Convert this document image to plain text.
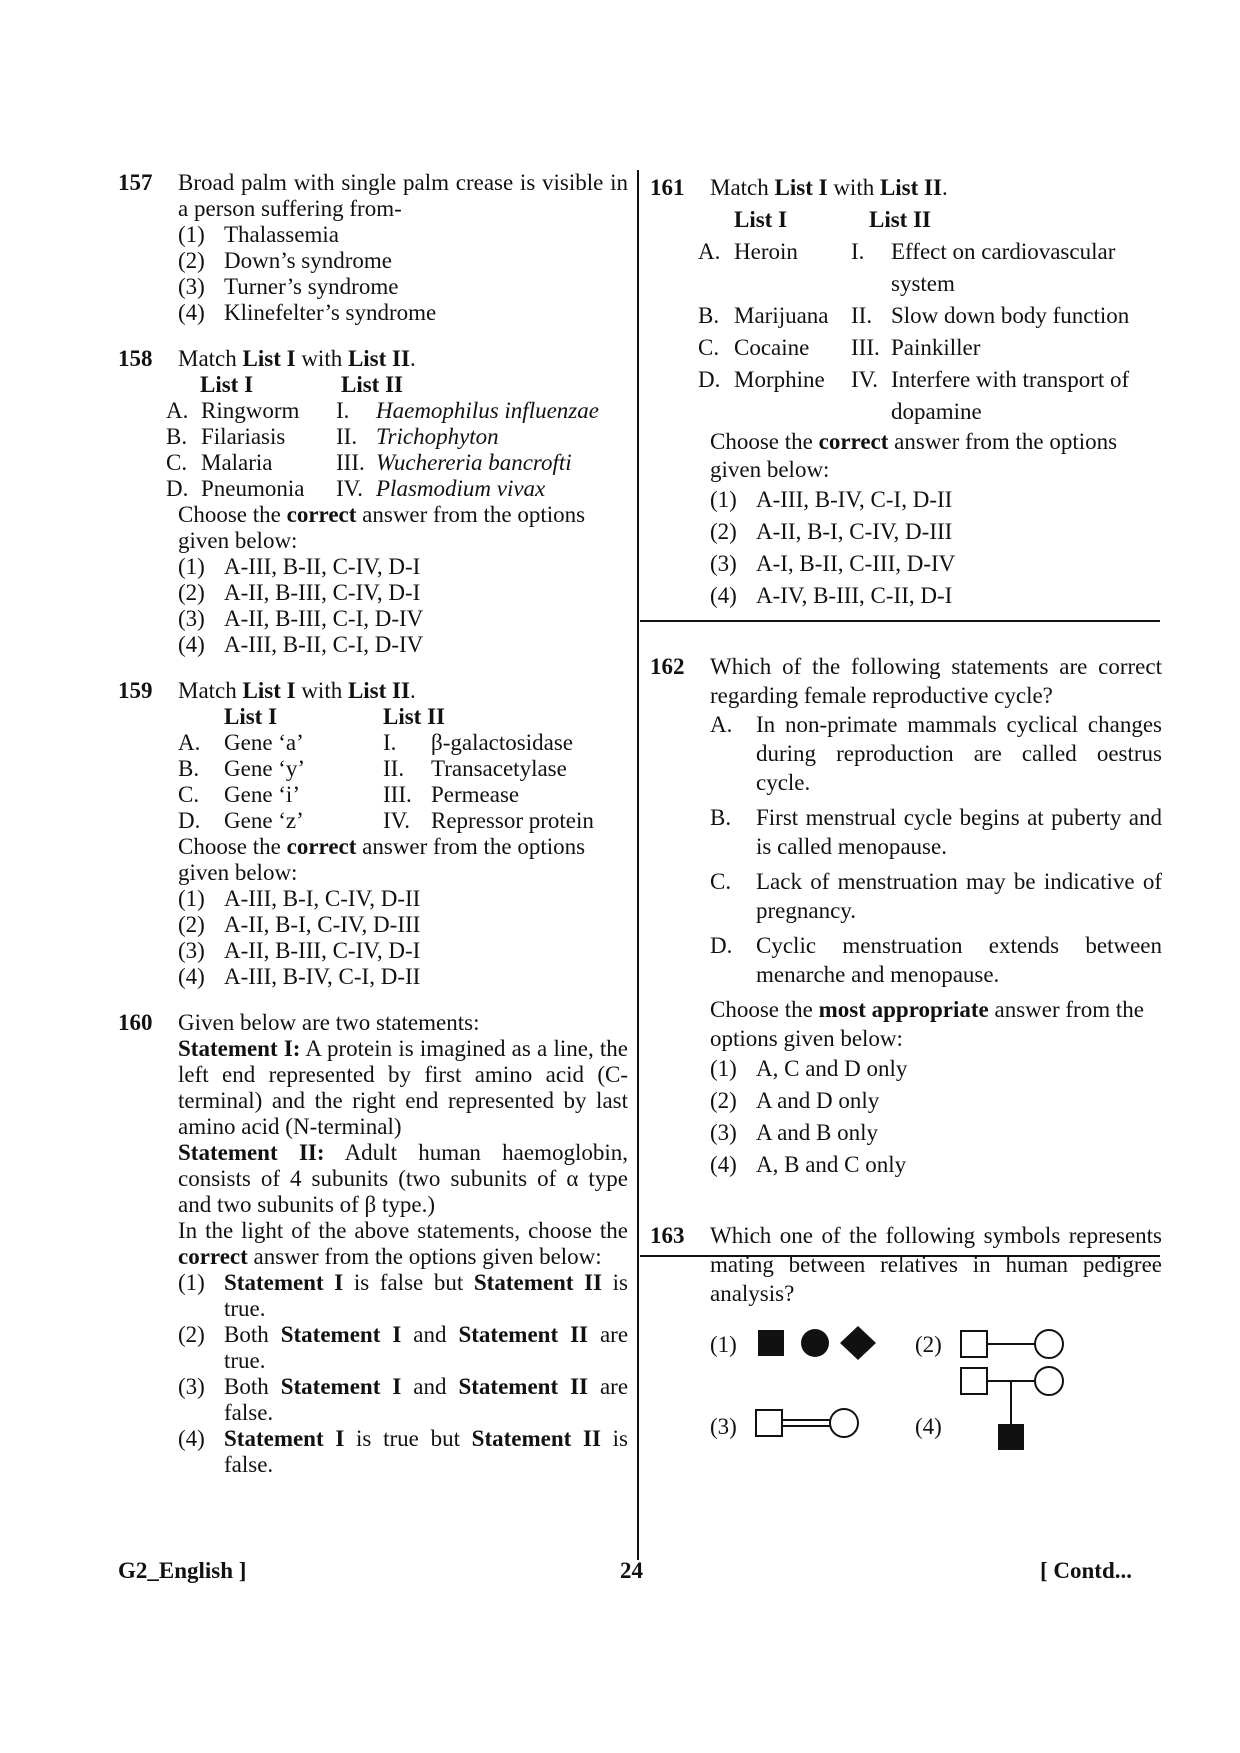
157 Broad palm with single palm crease is visible in a person suffering from-
(1) Thalassemia
(2) Down’s syndrome
(3) Turner’s syndrome
(4) Klinefelter’s syndrome
158 Match List I with List II.
List I	List II
A. Ringworm	I.	Haemophilus influenzae
B. Filariasis	II. Trichophyton
C. Malaria	III. Wuchereria bancrofti
D. Pneumonia	IV. Plasmodium vivax
Choose the correct answer from the options given below:
(1) A-III, B-II, C-IV, D-I
(2) A-II, B-III, C-IV, D-I
(3) A-II, B-III, C-I, D-IV
(4) A-III, B-II, C-I, D-IV
159 Match List I with List II.
List I	List II
A.	Gene ‘a’	I.	β-galactosidase
B.	Gene ‘y’	II.	Transacetylase
C.	Gene ‘i’	III. Permease
D.	Gene ‘z’	IV. Repressor protein
Choose the correct answer from the options given below:
(1) A-III, B-I, C-IV, D-II
(2) A-II, B-I, C-IV, D-III
(3) A-II, B-III, C-IV, D-I
(4) A-III, B-IV, C-I, D-II
160 Given below are two statements:
Statement I: A protein is imagined as a line, the left end represented by first amino acid (C-terminal) and the right end represented by last amino acid (N-terminal)
Statement II: Adult human haemoglobin, consists of 4 subunits (two subunits of α type and two subunits of β type.)
In the light of the above statements, choose the correct answer from the options given below:
(1) Statement I is false but Statement II is true.
(2) Both Statement I and Statement II are true.
(3) Both Statement I and Statement II are false.
(4) Statement I is true but Statement II is false.
161 Match List I with List II.
List I	List II
A. Heroin	I.	Effect on cardiovascular system
B. Marijuana II. Slow down body function
C. Cocaine	III. Painkiller
D. Morphine	IV. Interfere with transport of dopamine
Choose the correct answer from the options given below:
(1) A-III, B-IV, C-I, D-II
(2) A-II, B-I, C-IV, D-III
(3) A-I, B-II, C-III, D-IV
(4) A-IV, B-III, C-II, D-I
162 Which of the following statements are correct regarding female reproductive cycle?
A. In non-primate mammals cyclical changes during reproduction are called oestrus cycle.
B. First menstrual cycle begins at puberty and is called menopause.
C. Lack of menstruation may be indicative of pregnancy.
D. Cyclic menstruation extends between menarche and menopause.
Choose the most appropriate answer from the options given below:
(1) A, C and D only
(2) A and D only
(3) A and B only
(4) A, B and C only
163 Which one of the following symbols represents mating between relatives in human pedigree analysis?
(1)	(2)
(3)	(4)
G2_English ]	24	[ Contd...
